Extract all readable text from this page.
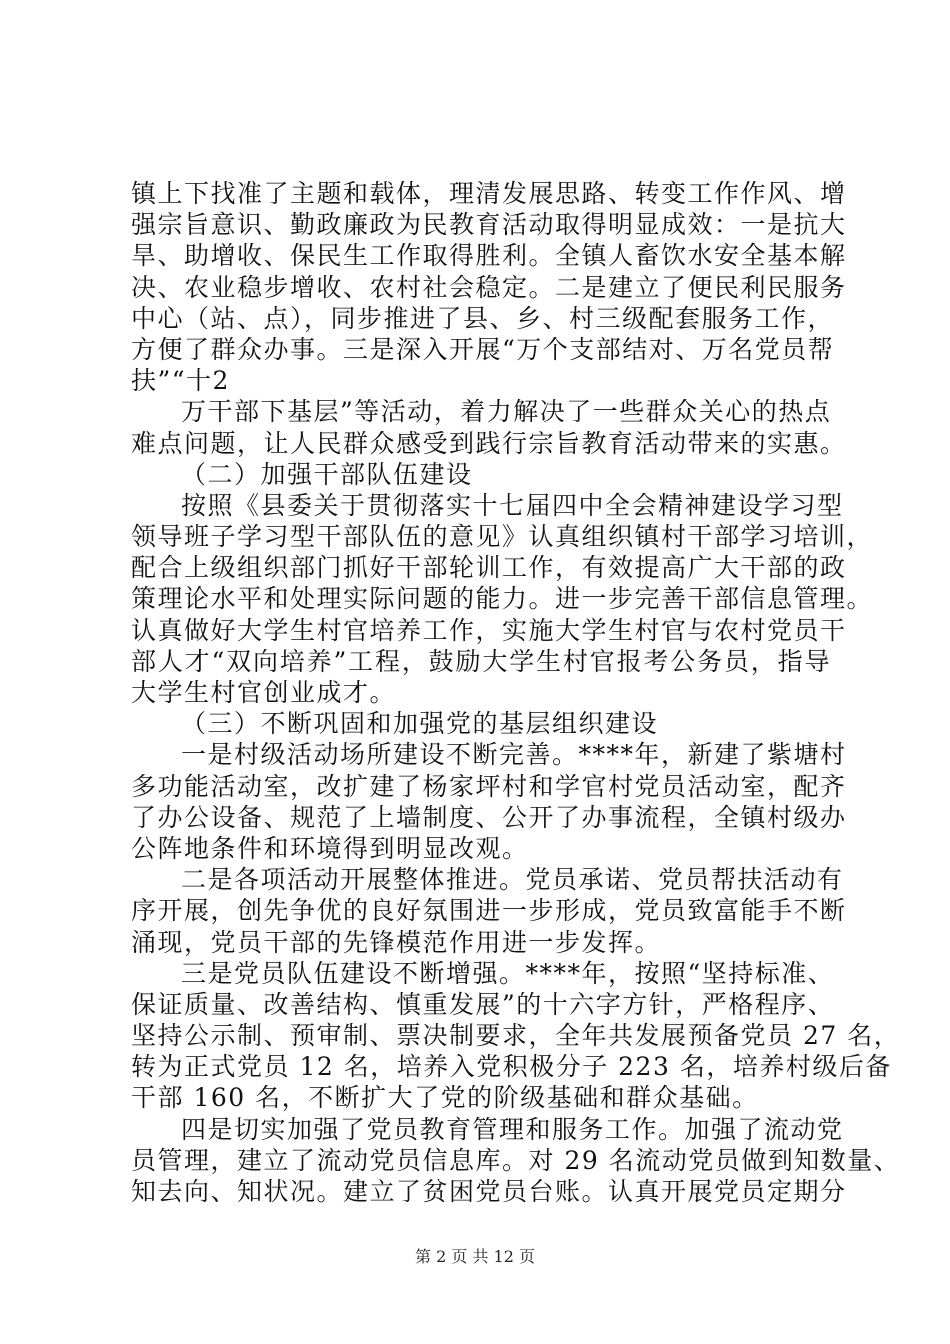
镇上下找准了主题和载体，理清发展思路、转变工作作风、增
强宗旨意识、勤政廉政为民教育活动取得明显成效：一是抗大
旱、助增收、保民生工作取得胜利。全镇人畜饮水安全基本解
决、农业稳步增收、农村社会稳定。二是建立了便民利民服务
中心（站、点），同步推进了县、乡、村三级配套服务工作，
方便了群众办事。三是深入开展“万个支部结对、万名党员帮
扶”“十2
万干部下基层”等活动，着力解决了一些群众关心的热点
难点问题，让人民群众感受到践行宗旨教育活动带来的实惠。
（二）加强干部队伍建设
按照《县委关于贯彻落实十七届四中全会精神建设学习型
领导班子学习型干部队伍的意见》认真组织镇村干部学习培训，
配合上级组织部门抓好干部轮训工作，有效提高广大干部的政
策理论水平和处理实际问题的能力。进一步完善干部信息管理。
认真做好大学生村官培养工作，实施大学生村官与农村党员干
部人才“双向培养”工程，鼓励大学生村官报考公务员，指导
大学生村官创业成才。
（三）不断巩固和加强党的基层组织建设
一是村级活动场所建设不断完善。****年，新建了紫塘村
多功能活动室，改扩建了杨家坪村和学官村党员活动室，配齐
了办公设备、规范了上墙制度、公开了办事流程，全镇村级办
公阵地条件和环境得到明显改观。
二是各项活动开展整体推进。党员承诺、党员帮扶活动有
序开展，创先争优的良好氛围进一步形成，党员致富能手不断
涌现，党员干部的先锋模范作用进一步发挥。
三是党员队伍建设不断增强。****年，按照“坚持标准、
保证质量、改善结构、慎重发展”的十六字方针，严格程序、
坚持公示制、预审制、票决制要求，全年共发展预备党员 27 名，
转为正式党员 12 名，培养入党积极分子 223 名，培养村级后备
干部 160 名，不断扩大了党的阶级基础和群众基础。
四是切实加强了党员教育管理和服务工作。加强了流动党
员管理，建立了流动党员信息库。对 29 名流动党员做到知数量、
知去向、知状况。建立了贫困党员台账。认真开展党员定期分
第 2 页 共 12 页
